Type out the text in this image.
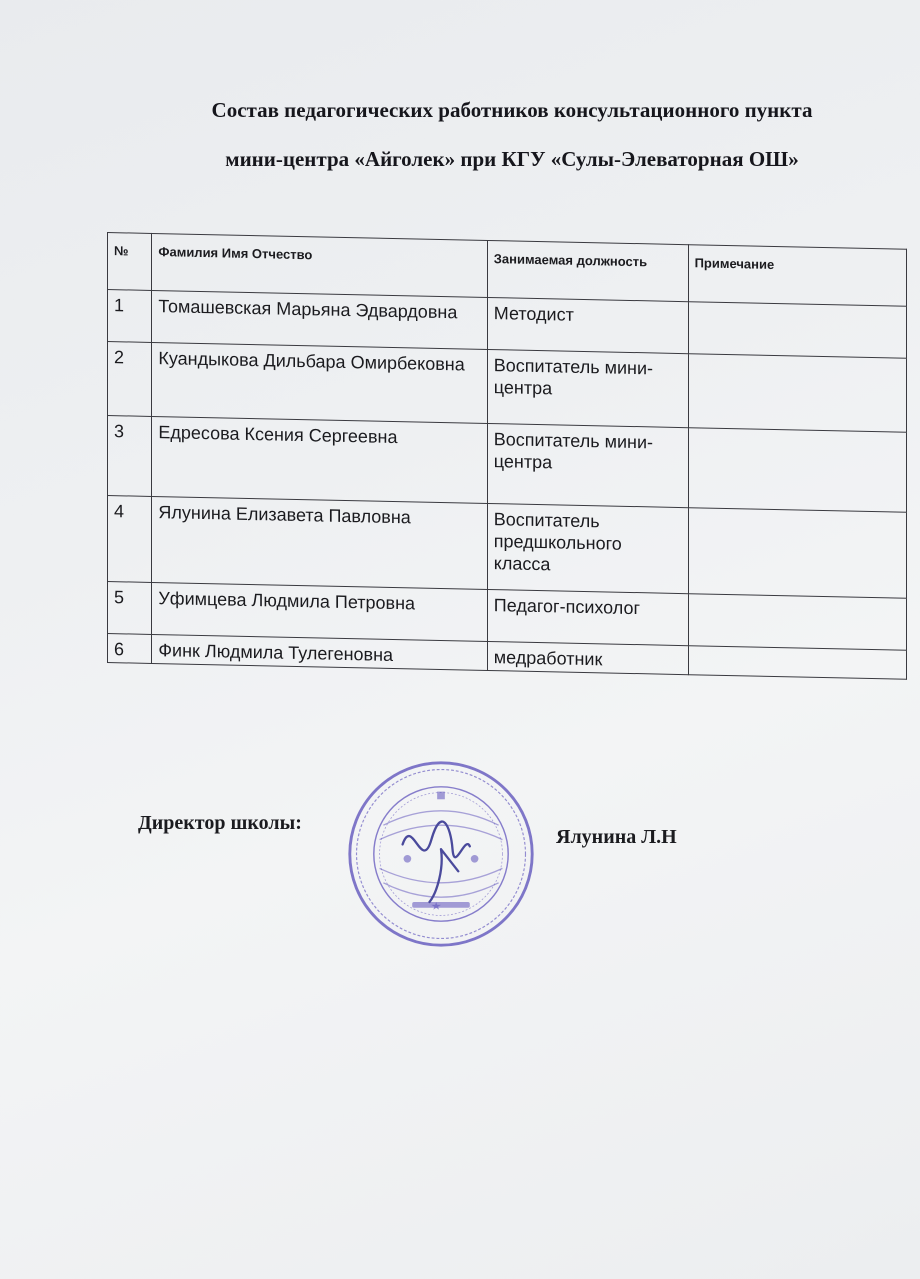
Состав педагогических работников консультационного пункта
мини-центра «Айголек» при КГУ «Сулы-Элеваторная ОШ»
№	Фамилия Имя Отчество	Занимаемая должность	Примечание
1	Томашевская Марьяна Эдвардовна	Методист	
2	Куандыкова Дильбара Омирбековна	Воспитатель мини-центра	
3	Едресова Ксения Сергеевна	Воспитатель мини-центра	
4	Ялунина Елизавета Павловна	Воспитатель предшкольного класса	
5	Уфимцева Людмила Петровна	Педагог-психолог	
6	Финк Людмила Тулегеновна	медработник	
Директор школы:
Ялунина Л.Н
